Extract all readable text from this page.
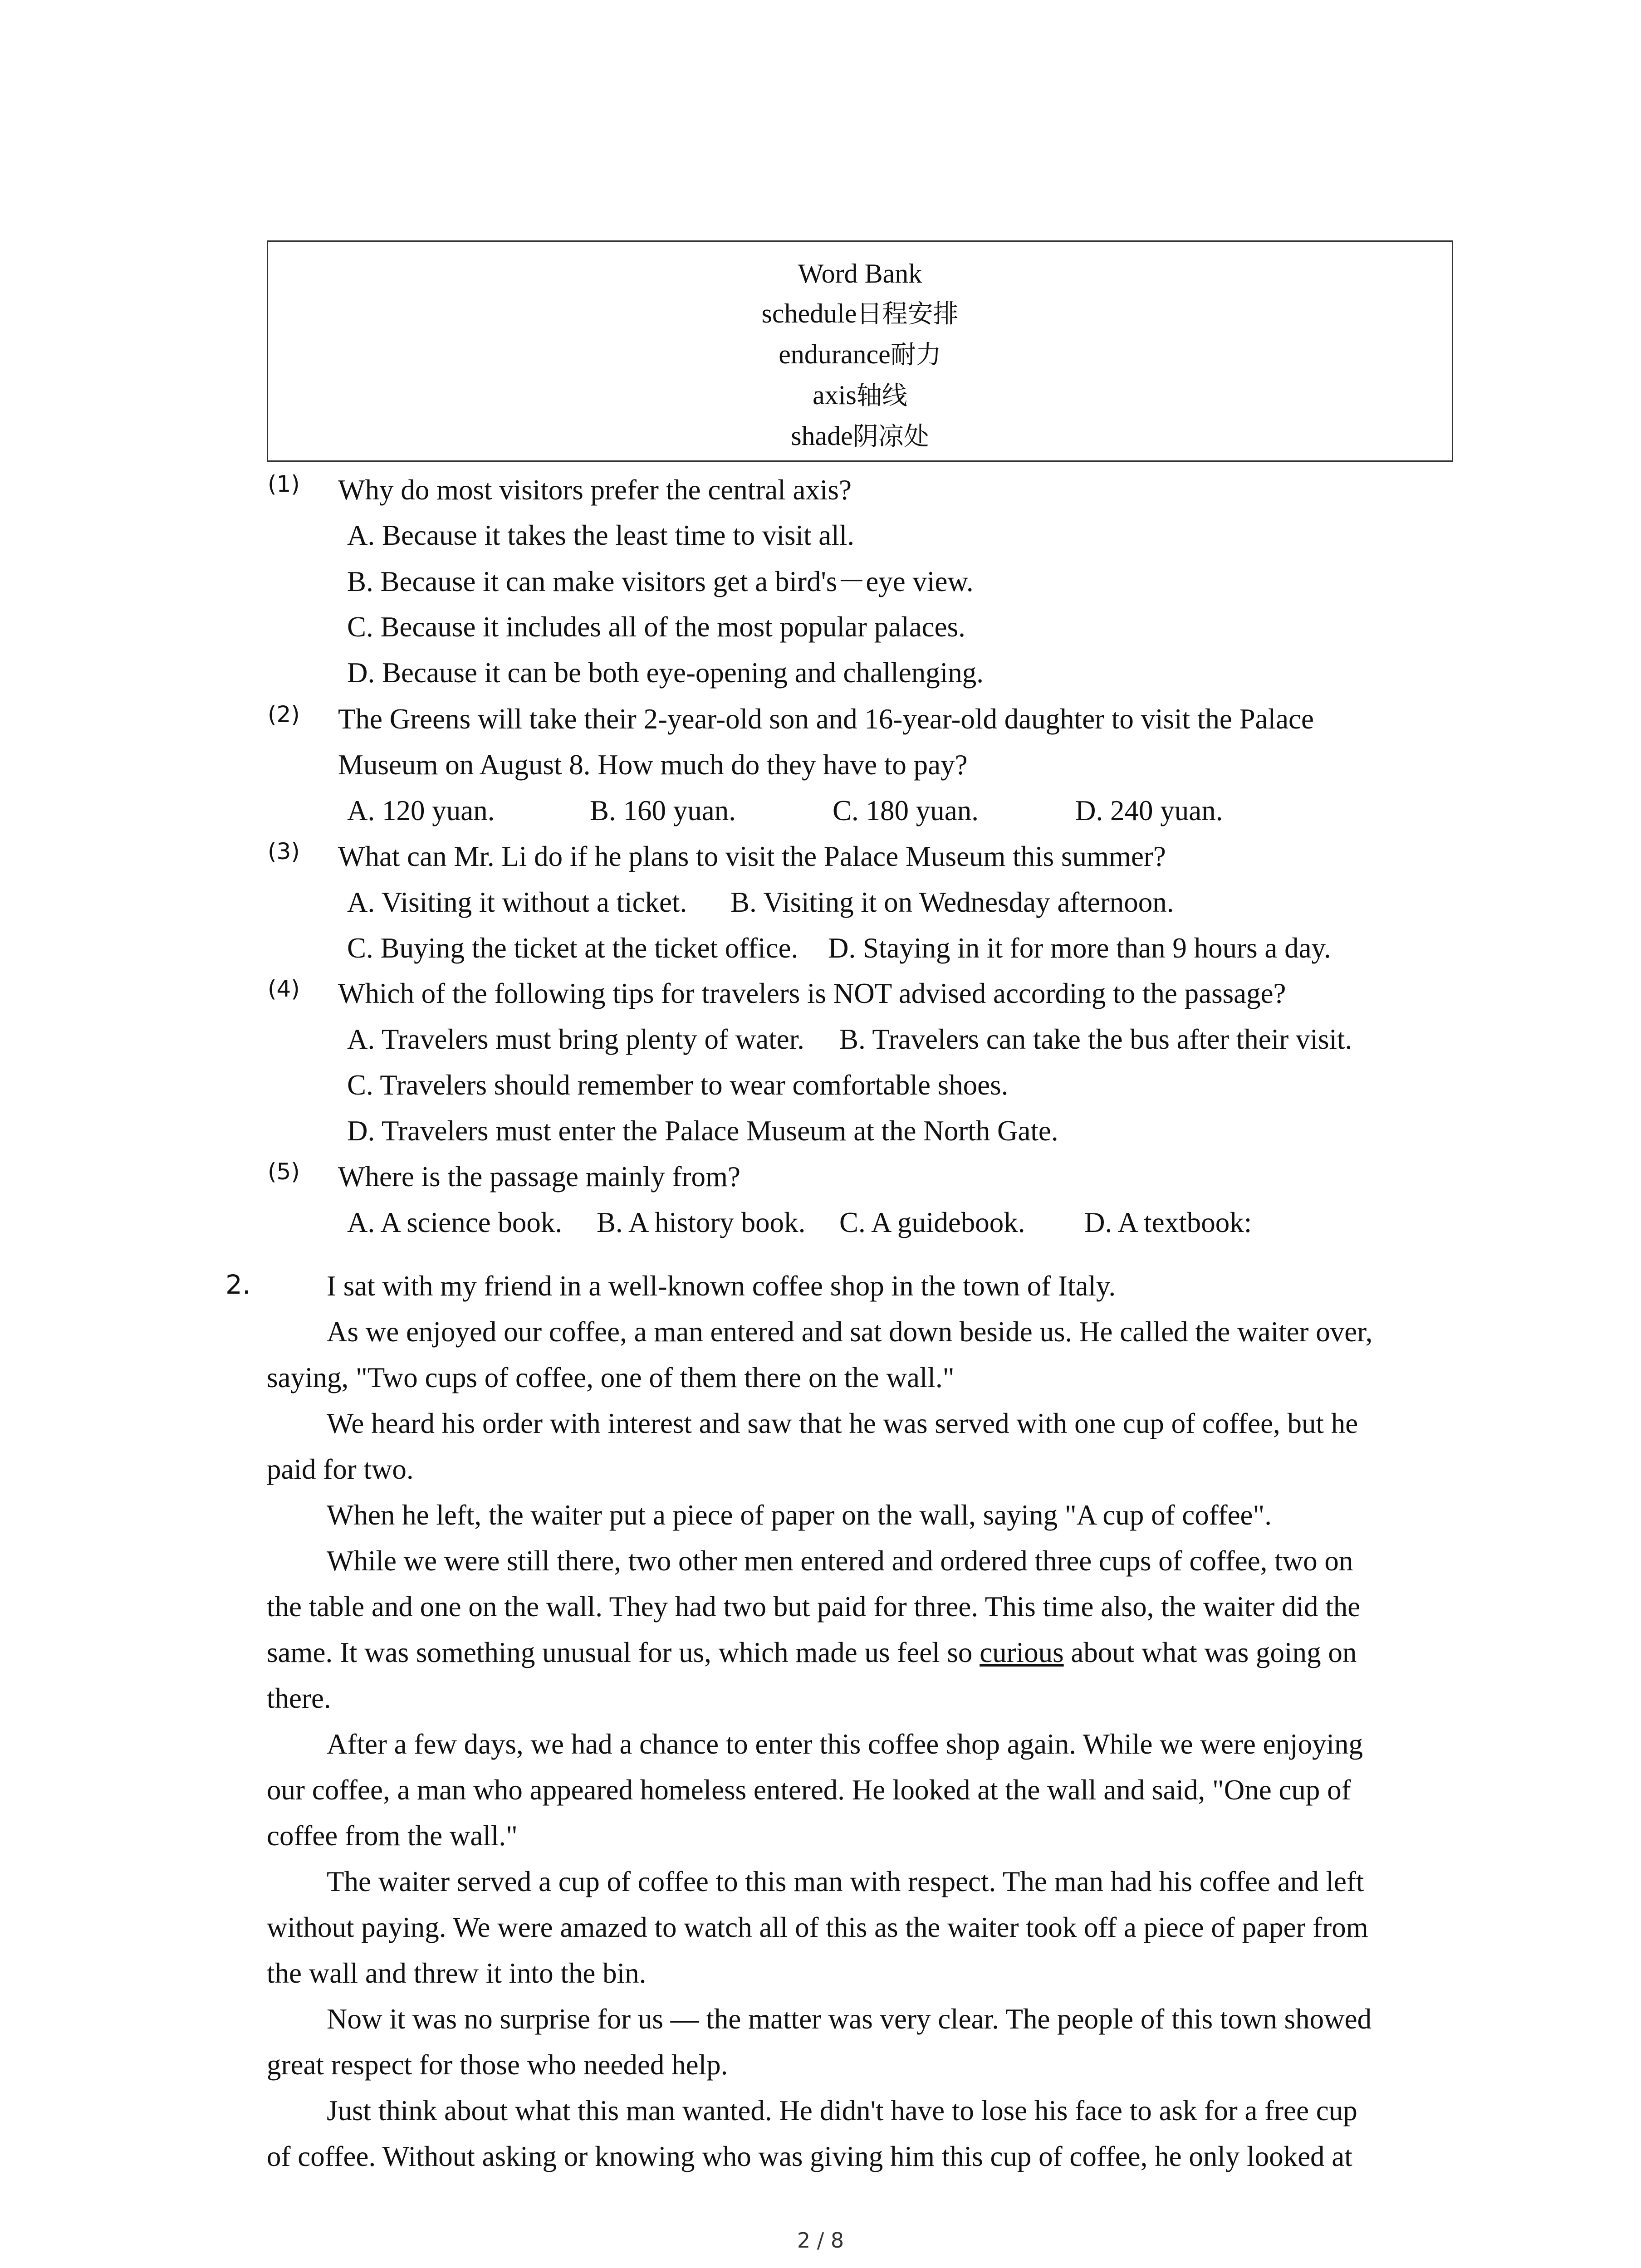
Word Bank
schedule日程安排
endurance耐力
axis轴线
shade阴凉处
(1) Why do most visitors prefer the central axis?
A. Because it takes the least time to visit all.
B. Because it can make visitors get a bird's－eye view.
C. Because it includes all of the most popular palaces.
D. Because it can be both eye-opening and challenging.
(2) The Greens will take their 2-year-old son and 16-year-old daughter to visit the Palace
Museum on August 8. How much do they have to pay?
A. 120 yuan.	B. 160 yuan.	C. 180 yuan.	D. 240 yuan.
(3) What can Mr. Li do if he plans to visit the Palace Museum this summer?
A. Visiting it without a ticket. B. Visiting it on Wednesday afternoon.
C. Buying the ticket at the ticket office. D. Staying in it for more than 9 hours a day.
(4) Which of the following tips for travelers is NOT advised according to the passage?
A. Travelers must bring plenty of water. B. Travelers can take the bus after their visit.
C. Travelers should remember to wear comfortable shoes.
D. Travelers must enter the Palace Museum at the North Gate.
(5) Where is the passage mainly from?
A. A science book. B. A history book. C. A guidebook. D. A textbook:
2.	I sat with my friend in a well-known coffee shop in the town of Italy.
As we enjoyed our coffee, a man entered and sat down beside us. He called the waiter over,
saying, "Two cups of coffee, one of them there on the wall."
We heard his order with interest and saw that he was served with one cup of coffee, but he
paid for two.
When he left, the waiter put a piece of paper on the wall, saying "A cup of coffee".
While we were still there, two other men entered and ordered three cups of coffee, two on
the table and one on the wall. They had two but paid for three. This time also, the waiter did the
same. It was something unusual for us, which made us feel so curious about what was going on
there.
After a few days, we had a chance to enter this coffee shop again. While we were enjoying
our coffee, a man who appeared homeless entered. He looked at the wall and said, "One cup of
coffee from the wall."
The waiter served a cup of coffee to this man with respect. The man had his coffee and left
without paying. We were amazed to watch all of this as the waiter took off a piece of paper from
the wall and threw it into the bin.
Now it was no surprise for us — the matter was very clear. The people of this town showed
great respect for those who needed help.
Just think about what this man wanted. He didn't have to lose his face to ask for a free cup
of coffee. Without asking or knowing who was giving him this cup of coffee, he only looked at
2 / 8
